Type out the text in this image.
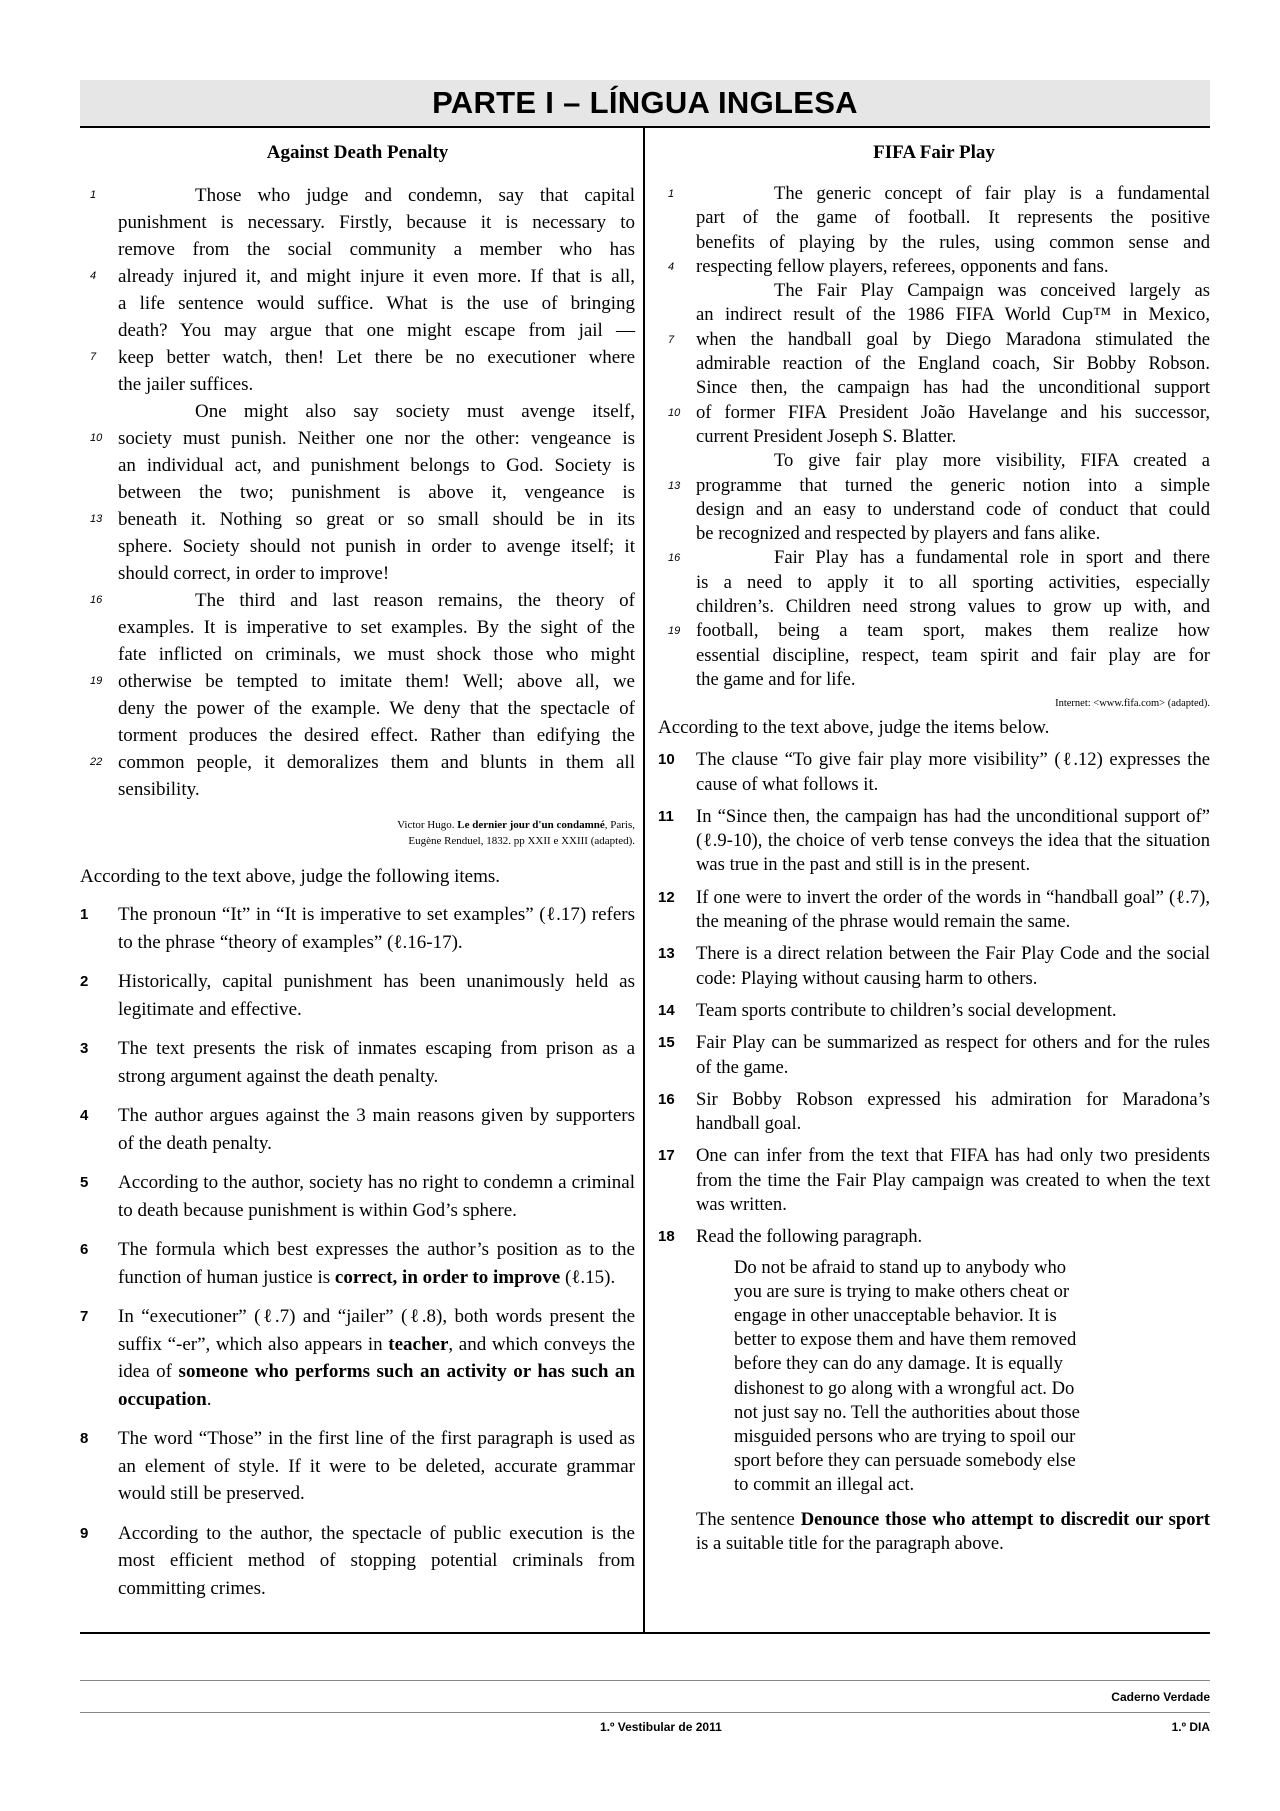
PARTE I – LÍNGUA INGLESA
Against Death Penalty
1	Those who judge and condemn, say that capital
punishment is necessary. Firstly, because it is necessary to
remove from the social community a member who has
4 already injured it, and might injure it even more. If that is all,
a life sentence would suffice. What is the use of bringing
death? You may argue that one might escape from jail —
7 keep better watch, then! Let there be no executioner where
the jailer suffices.
One might also say society must avenge itself,
10 society must punish. Neither one nor the other: vengeance is
an individual act, and punishment belongs to God. Society is
between the two; punishment is above it, vengeance is
13 beneath it. Nothing so great or so small should be in its
sphere. Society should not punish in order to avenge itself; it
should correct, in order to improve!
16	The third and last reason remains, the theory of
examples. It is imperative to set examples. By the sight of the
fate inflicted on criminals, we must shock those who might
19 otherwise be tempted to imitate them! Well; above all, we
deny the power of the example. We deny that the spectacle of
torment produces the desired effect. Rather than edifying the
22 common people, it demoralizes them and blunts in them all
sensibility.
Victor Hugo. Le dernier jour d'un condamné, Paris,
Eugène Renduel, 1832. pp XXII e XXIII (adapted).
According to the text above, judge the following items.
1 The pronoun “It” in “It is imperative to set examples” (ℓ.17) refers to the phrase “theory of examples” (ℓ.16-17).
2 Historically, capital punishment has been unanimously held as legitimate and effective.
3 The text presents the risk of inmates escaping from prison as a strong argument against the death penalty.
4 The author argues against the 3 main reasons given by supporters of the death penalty.
5 According to the author, society has no right to condemn a criminal to death because punishment is within God’s sphere.
6 The formula which best expresses the author’s position as to the function of human justice is correct, in order to improve (ℓ.15).
7 In “executioner” (ℓ.7) and “jailer” (ℓ.8), both words present the suffix “-er”, which also appears in teacher, and which conveys the idea of someone who performs such an activity or has such an occupation.
8 The word “Those” in the first line of the first paragraph is used as an element of style. If it were to be deleted, accurate grammar would still be preserved.
9 According to the author, the spectacle of public execution is the most efficient method of stopping potential criminals from committing crimes.
FIFA Fair Play
1	The generic concept of fair play is a fundamental
part of the game of football. It represents the positive
benefits of playing by the rules, using common sense and
4 respecting fellow players, referees, opponents and fans.
The Fair Play Campaign was conceived largely as
an indirect result of the 1986 FIFA World Cup™ in Mexico,
7 when the handball goal by Diego Maradona stimulated the
admirable reaction of the England coach, Sir Bobby Robson.
Since then, the campaign has had the unconditional support
10 of former FIFA President João Havelange and his successor,
current President Joseph S. Blatter.
To give fair play more visibility, FIFA created a
13 programme that turned the generic notion into a simple
design and an easy to understand code of conduct that could
be recognized and respected by players and fans alike.
16	Fair Play has a fundamental role in sport and there
is a need to apply it to all sporting activities, especially
children’s. Children need strong values to grow up with, and
19 football, being a team sport, makes them realize how
essential discipline, respect, team spirit and fair play are for
the game and for life.
Internet: <www.fifa.com> (adapted).
According to the text above, judge the items below.
10 The clause “To give fair play more visibility” (ℓ.12) expresses the cause of what follows it.
11 In “Since then, the campaign has had the unconditional support of” (ℓ.9-10), the choice of verb tense conveys the idea that the situation was true in the past and still is in the present.
12 If one were to invert the order of the words in “handball goal” (ℓ.7), the meaning of the phrase would remain the same.
13 There is a direct relation between the Fair Play Code and the social code: Playing without causing harm to others.
14 Team sports contribute to children’s social development.
15 Fair Play can be summarized as respect for others and for the rules of the game.
16 Sir Bobby Robson expressed his admiration for Maradona’s handball goal.
17 One can infer from the text that FIFA has had only two presidents from the time the Fair Play campaign was created to when the text was written.
18 Read the following paragraph.
Do not be afraid to stand up to anybody who
you are sure is trying to make others cheat or
engage in other unacceptable behavior. It is
better to expose them and have them removed
before they can do any damage. It is equally
dishonest to go along with a wrongful act. Do
not just say no. Tell the authorities about those
misguided persons who are trying to spoil our
sport before they can persuade somebody else
to commit an illegal act.
The sentence Denounce those who attempt to discredit our sport is a suitable title for the paragraph above.
Caderno Verdade
1.º Vestibular de 2011	1.º DIA
